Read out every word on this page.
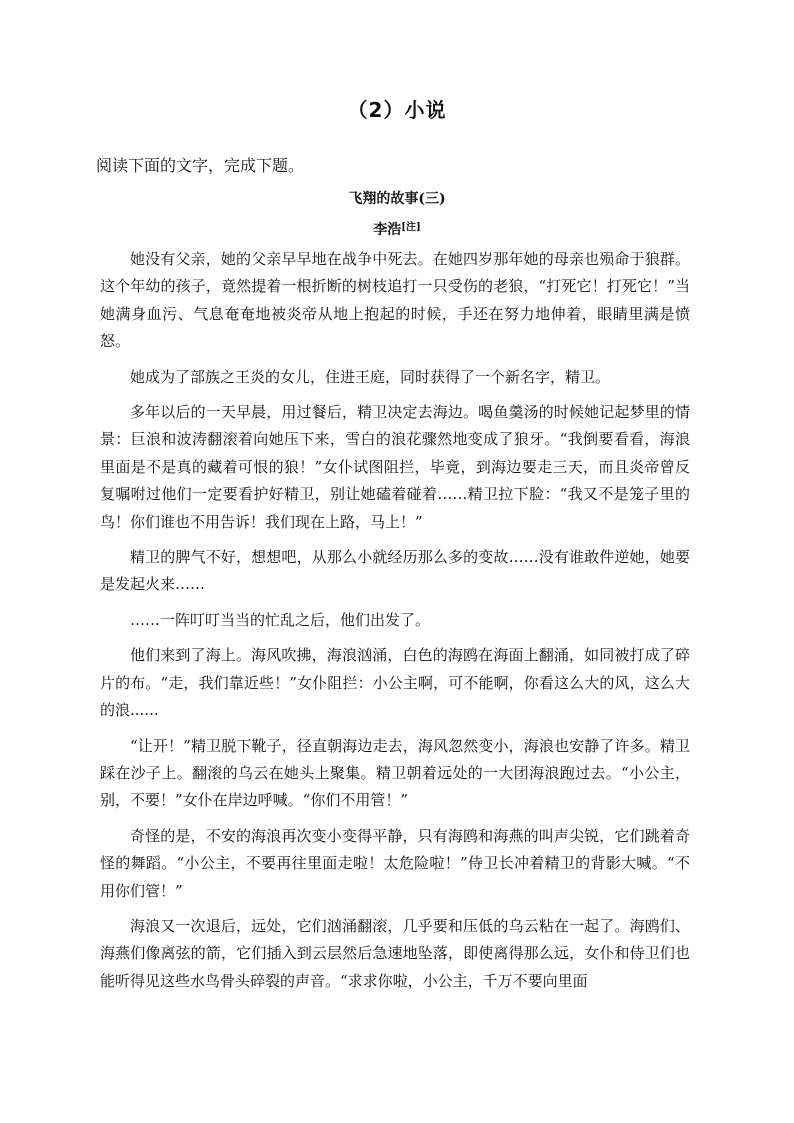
（2）小说
阅读下面的文字，完成下题。
飞翔的故事(三)
李浩[注]

她没有父亲，她的父亲早早地在战争中死去。在她四岁那年她的母亲也殒命于狼群。这个年幼的孩子，竟然提着一根折断的树枝追打一只受伤的老狼，“打死它！打死它！”当她满身血污、气息奄奄地被炎帝从地上抱起的时候，手还在努力地伸着，眼睛里满是愤怒。

她成为了部族之王炎的女儿，住进王庭，同时获得了一个新名字，精卫。

多年以后的一天早晨，用过餐后，精卫决定去海边。喝鱼羹汤的时候她记起梦里的情景：巨浪和波涛翻滚着向她压下来，雪白的浪花骤然地变成了狼牙。“我倒要看看，海浪里面是不是真的藏着可恨的狼！”女仆试图阻拦，毕竟，到海边要走三天，而且炎帝曾反复嘱咐过他们一定要看护好精卫，别让她磕着碰着……精卫拉下脸：“我又不是笼子里的鸟！你们谁也不用告诉！我们现在上路，马上！”

精卫的脾气不好，想想吧，从那么小就经历那么多的变故……没有谁敢件逆她，她要是发起火来……

……一阵叮叮当当的忙乱之后，他们出发了。

他们来到了海上。海风吹拂，海浪汹涌，白色的海鸥在海面上翻涌，如同被打成了碎片的布。“走，我们靠近些！”女仆阻拦：小公主啊，可不能啊，你看这么大的风，这么大的浪......

“让开！”精卫脱下靴子，径直朝海边走去，海风忽然变小，海浪也安静了许多。精卫踩在沙子上。翻滚的乌云在她头上聚集。精卫朝着远处的一大团海浪跑过去。“小公主，别，不要！”女仆在岸边呼喊。“你们不用管！”

奇怪的是，不安的海浪再次变小变得平静，只有海鸥和海燕的叫声尖锐，它们跳着奇怪的舞蹈。“小公主，不要再往里面走啦！太危险啦！”侍卫长冲着精卫的背影大喊。“不用你们管！”

海浪又一次退后，远处，它们汹涌翻滚，几乎要和压低的乌云粘在一起了。海鸥们、海燕们像离弦的箭，它们插入到云层然后急速地坠落，即使离得那么远，女仆和侍卫们也能听得见这些水鸟骨头碎裂的声音。“求求你啦，小公主，千万不要向里面
